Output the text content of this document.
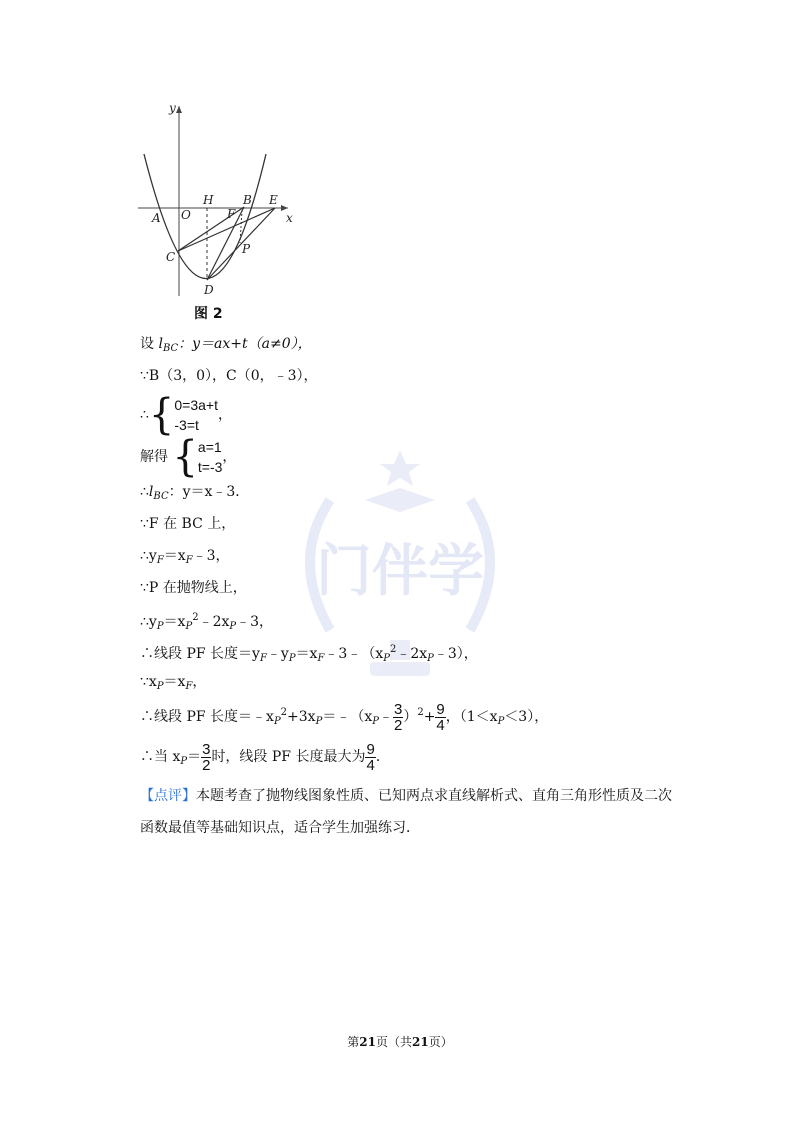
门伴学
y
x
A O
H B E
F
C
P
D
图 2
设 $l_{BC}$：y＝ax+t（a≠0），
∵B（3，0），C（0，﹣3），
∴{0=3a+t
-3=t，
解得 {a=1
t=-3，
$\therefore l_{BC}$：y＝x﹣3．
∵F 在 BC 上，
$\therefore y_F=x_F﹣3$，
∵P 在抛物线上，
$\therefore y_P=x_P^2﹣2x_P﹣3$，
∴线段 PF 长度$=y_F﹣y_P=x_F﹣3﹣(x_P^2﹣2x_P﹣3)$，
$\because x_P=x_F$，
∴线段 PF 长度$=﹣x_P^2+3x_P=﹣(x_P﹣ \frac{3}{2} )^2+ \frac{9}{4}$ ，$(1<x_P<3)$，
∴当 $x_P= \frac{3}{2}$ 时，线段 PF 长度最大为 $\frac{9}{4}$ ．
【点评】本题考查了抛物线图象性质、已知两点求直线解析式、直角三角形性质及二次
函数最值等基础知识点，适合学生加强练习．
第21页（共21页）
